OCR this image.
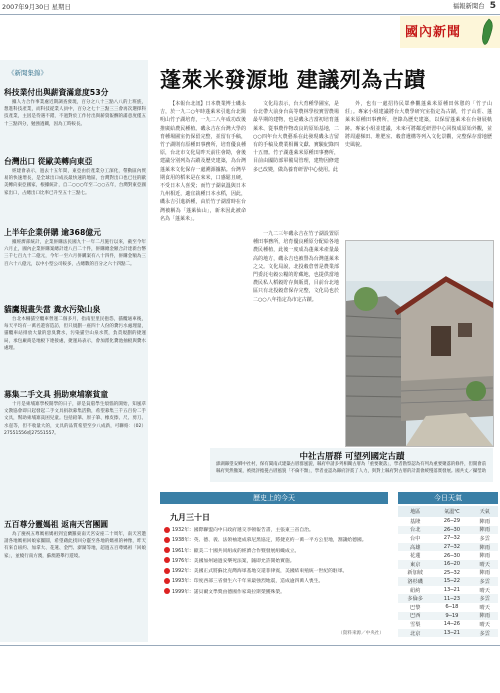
2007年9月30日 星期日	福報新聞台 5
國內新聞
《新聞集錦》
科技業付出與薪資滿意度53分

據人力合作事業處近期調查發現，百分之八十三點八八的上班族，想進科技產業，而科技從業人員中，百分之七十三點三三會再次選擇科技產業，主因是待遇不錯，不過對於工作付出與薪資報酬的滿意度僅五十三點四分，勉強過關，因為工時較長。

台灣出口 從歐美轉向東亞

經建會表示，過去十五年間，東亞由於產業分工深化，帶動區內貿易的快速增長，是全球出口成長最快速的地區，台灣對出口也已往的歐美轉向東亞國家，根據統計，自二○○○年至二○○五年，台灣對東亞國家出口，占總出口比率已升至五十三點七。

上半年企業併購 逾368億元

據經濟部統計，企業併購法民國九十一年二月施行以來，截至今年六月止，國內企業併購案總計達八百二十件，併購總金額合計達新台幣三千七百九十二億元，今年一至六月併購案有八十四件，併購金額為三百六十八億元，以中小型公司較多，占總數的百分之六十四點二。

貓鷹規畫失當 糞水污染山泉

台北木柵貓空纜車營運二個多月，指南里里民抱怨，貓纜通車後，每天平均有一萬名遊客造訪，但只規劃一座四十人份的糞污水處理量，貓纜車站排放大量的惡臭糞水，污染貓空山泉水質，負責規劃的捷運局，承包廠商是地板下連接處，捷運局表示，會加派化糞池抽板與糞水處理。

募集二手文具 捐助柬埔寨貧童

十月是柬埔寨學校開學的日子，卻是貧窮學生煩惱的開始，知風草文教協會即日起發起二手文具捐款募集活動，希望募集三千五百份二手文具，幫助柬埔寨貧困兒童。包括鉛筆、原子筆、橡皮擦、尺、剪刀、水壺等，但不收量大的，文具的品質希望至少八成新，可聯絡：（02）27551556或27551557。

五百尊分靈媽祖 返南天宮團圓

為了慶祝五尊媽祖媽祖到宜蘭羅東南天宮安座二十周年，南天宮邀請各地媽祖回娘家團圓，希望藉此找回分靈至各地的媽祖的神像，昨天有來自紐約、加拿大、花蓮、金門、澎湖等地，超過五百尊媽祖「回娘家」，並繞行南方澳，蘇澳港舉行遊境。

蓬萊米發源地 建議列為古蹟

【本報台北訊】日本農業博士磯永吉，於一九二○年時蓬萊米引進台北陽明山竹子湖培育，一九二八年成功改後推廣給農民種植。磯永吉在台灣大學的育種場圃室仍保留完整，並留有手稿，竹子湖則有原種田事務所，培育優良種原，台北市文化局昨天前往會勘，會後建議分別列為古蹟及歷史建築，為台灣蓬萊米文化保存一處溯源據點。台灣早期食用的稻米是在來米，口感鬆且硬，不受日本人喜愛；而竹子湖氣溫與日本九州相近，適宜栽種日本水稻，因此，磯永吉引進新種，由於竹子湖當時在台灣被稱為「蓬萊仙山」，新米因此被命名為「蓬萊米」。

一九二三年磯永吉在竹子湖設置原種田事務所，培育優良種原分配給各地農民種植，此後一度成為蓬萊米產量最高的地方，磯永吉也被譽為台灣蓬萊米之父。文化局說，北投穀倉曾是農業部門委託屯穀公糧的貯藏地，也提供當地農民私人稻穀貯存與販賣，目前台北地區只有北投穀倉保存完整，文化局也於二○○八年指定為市定古蹟。

文化局表示，台大育種學圃室，是台北帶大前身台高等農林學校實習農場最早期的建物，也是磯永吉當初培育蓬萊米、從事農作物改良的原始基地，二○○四年台大農藝系在此發現磯永吉留有的手稿及農業相關文獻、實驗紀錄四十五冊。竹子湖蓬萊米原種田事務所，目前由國防部軍備局管理，建物因修建多已改變，做為養育研習中心使用。此

外，也有一處招待民眾參觀蓬萊米原種田休憩的「竹子山莊」。專家小組建議將台大農學研究室指定為古蹟，竹子山莊、蓬萊米原種田事務所，登錄為歷史建築，以保留蓬萊米在台發展軌跡。專家小組並建議，未來可將鄰近研習中心回復成原始外觀，並將周邊梯田、堆肥室、穀倉遺構等列入文化景觀，完整保存當地歷史風貌。

中社古厝群 可望列國定古蹟
澎湖縣望安鄉中社村，保有閩南式建築古厝群風貌，縣府申請多列相關古厝為「重要聚落」，學者勘察認為有列為重要聚落的條件，但開會前縣府突然撤案，被批評擔憂古厝風貌「不倫不類」，學者並認為縣府評賞了人力，與對上縣府對古厝的計畫會緩慢落實發展。國共丈／攝瑩助
歷史上的今天
九月三十日
1932年：國際聯盟向中日政府遞交李頓報告書，主張東三省自治。
1938年：英、德、義、法領袖達成慕尼黑協定，將捷克約一萬一平方公里地，割讓給德國。
1961年：歐美二十國共同組成的經濟合作暨發展組織成立。
1976年：美國加州通過安樂死法案，隨即允許開始實施。
1992年：美國正式將蘇比克灣海軍基地交還菲律賓，美國結束殖統一世紀的駐軍。
1993年：印度西部三省發生六千年來最強烈地震，造成逾四萬人喪生。
1999年：諾貝爾文學獎由德國作家葛拉斯榮獲殊榮。
（資料來源／中央社）
今日天氣
地區	氣溫℃	天氣
基隆	26─29	陣雨
台北	26─30	陣雨
台中	27─32	多雲
高雄	27─32	陣雨
花蓮	26─30	陣雨
東京	16─20	晴天
新加坡	25─32	陣雨
洛杉磯	15─22	多雲
紐約	13─21	晴天
多倫多	11─23	多雲
巴黎	6─18	晴天
巴西	9─19	陣雨
雪梨	14─26	晴天
北京	13─21	多雲
